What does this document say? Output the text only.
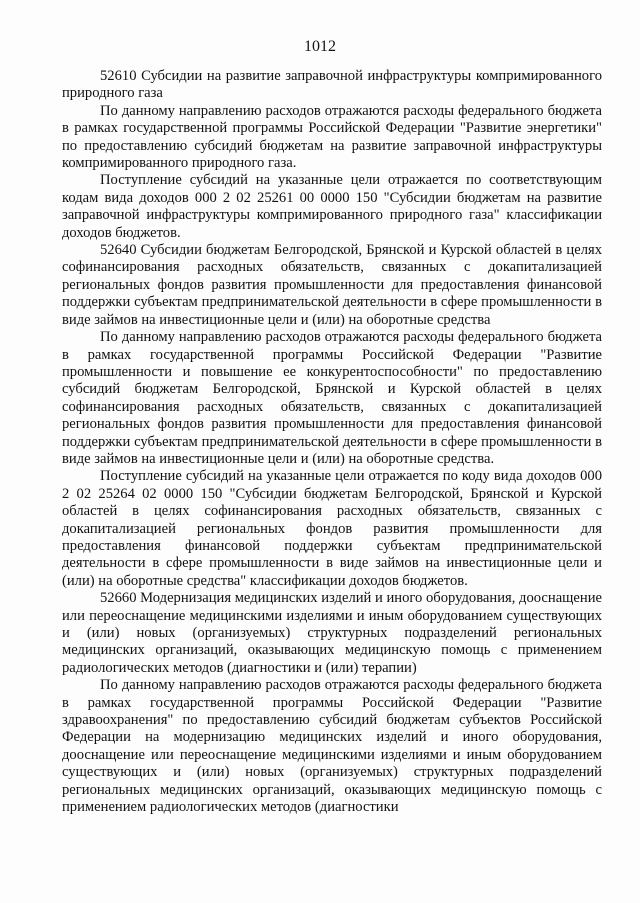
1012

52610 Субсидии на развитие заправочной инфраструктуры компримированного природного газа

По данному направлению расходов отражаются расходы федерального бюджета в рамках государственной программы Российской Федерации "Развитие энергетики" по предоставлению субсидий бюджетам на развитие заправочной инфраструктуры компримированного природного газа.

Поступление субсидий на указанные цели отражается по соответствующим кодам вида доходов 000 2 02 25261 00 0000 150 "Субсидии бюджетам на развитие заправочной инфраструктуры компримированного природного газа" классификации доходов бюджетов.

52640 Субсидии бюджетам Белгородской, Брянской и Курской областей в целях софинансирования расходных обязательств, связанных с докапитализацией региональных фондов развития промышленности для предоставления финансовой поддержки субъектам предпринимательской деятельности в сфере промышленности в виде займов на инвестиционные цели и (или) на оборотные средства

По данному направлению расходов отражаются расходы федерального бюджета в рамках государственной программы Российской Федерации "Развитие промышленности и повышение ее конкурентоспособности" по предоставлению субсидий бюджетам Белгородской, Брянской и Курской областей в целях софинансирования расходных обязательств, связанных с докапитализацией региональных фондов развития промышленности для предоставления финансовой поддержки субъектам предпринимательской деятельности в сфере промышленности в виде займов на инвестиционные цели и (или) на оборотные средства.

Поступление субсидий на указанные цели отражается по коду вида доходов 000 2 02 25264 02 0000 150 "Субсидии бюджетам Белгородской, Брянской и Курской областей в целях софинансирования расходных обязательств, связанных с докапитализацией региональных фондов развития промышленности для предоставления финансовой поддержки субъектам предпринимательской деятельности в сфере промышленности в виде займов на инвестиционные цели и (или) на оборотные средства" классификации доходов бюджетов.

52660 Модернизация медицинских изделий и иного оборудования, дооснащение или переоснащение медицинскими изделиями и иным оборудованием существующих и (или) новых (организуемых) структурных подразделений региональных медицинских организаций, оказывающих медицинскую помощь с применением радиологических методов (диагностики и (или) терапии)

По данному направлению расходов отражаются расходы федерального бюджета в рамках государственной программы Российской Федерации "Развитие здравоохранения" по предоставлению субсидий бюджетам субъектов Российской Федерации на модернизацию медицинских изделий и иного оборудования, дооснащение или переоснащение медицинскими изделиями и иным оборудованием существующих и (или) новых (организуемых) структурных подразделений региональных медицинских организаций, оказывающих медицинскую помощь с применением радиологических методов (диагностики
